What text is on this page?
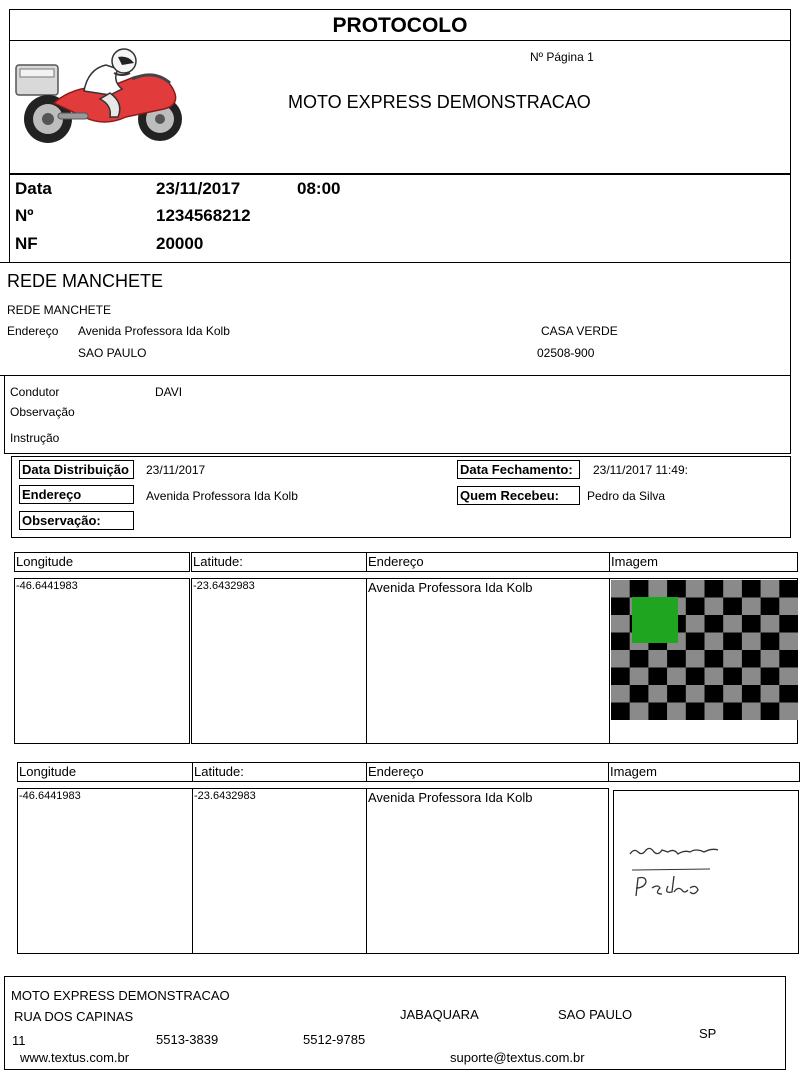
PROTOCOLO
Nº Página 1
MOTO EXPRESS DEMONSTRACAO
Data	23/11/2017	08:00
Nº	1234568212
NF	20000
REDE MANCHETE
REDE MANCHETE
Endereço Avenida Professora Ida Kolb	CASA VERDE
SAO PAULO	02508-900
Condutor	DAVI
Observação
Instrução
Data Distribuição	23/11/2017
Endereço	Avenida Professora Ida Kolb
Observação:
Data Fechamento:	23/11/2017 11:49:
Quem Recebeu:	Pedro da Silva
Longitude	Latitude:	Endereço	Imagem
-46.6441983	-23.6432983	Avenida Professora Ida Kolb
Longitude	Latitude:	Endereço	Imagem
-46.6441983	-23.6432983	Avenida Professora Ida Kolb
MOTO EXPRESS DEMONSTRACAO
RUA DOS CAPINAS	JABAQUARA	SAO PAULO
SP
11	5513-3839	5512-9785
www.textus.com.br	suporte@textus.com.br
